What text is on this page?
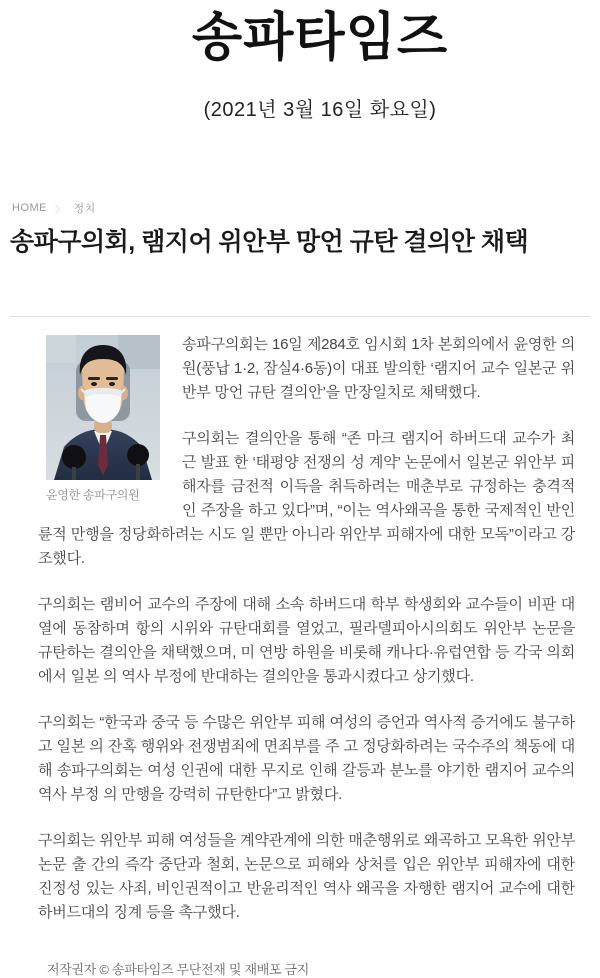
송파타임즈
(2021년 3월 16일 화요일)
HOME 〉 정치
송파구의회, 램지어 위안부 망언 규탄 결의안 채택
윤영한 송파구의원

송파구의회는 16일 제284호 임시회 1차 본회의에서 윤영한 의원(풍납 1·2, 잠실4·6동)이 대표 발의한 ‘램지어 교수 일본군 위반부 망언 규탄 결의안’을 만장일치로 채택했다.

구의회는 결의안을 통해 “존 마크 램지어 하버드대 교수가 최근 발표 한 ‘태평양 전쟁의 성 계약’ 논문에서 일본군 위안부 피해자를 금전적 이득을 취득하려는 매춘부로 규정하는 충격적인 주장을 하고 있다”며, “이는 역사왜곡을 통한 국제적인 반인륜적 만행을 정당화하려는 시도 일 뿐만 아니라 위안부 피해자에 대한 모독”이라고 강조했다.

구의회는 램비어 교수의 주장에 대해 소속 하버드대 학부 학생회와 교수들이 비판 대열에 동참하며 항의 시위와 규탄대회를 열었고, 필라델피아시의회도 위안부 논문을 규탄하는 결의안을 채택했으며, 미 연방 하원을 비롯해 캐나다·유럽연합 등 각국 의회에서 일본 의 역사 부정에 반대하는 결의안을 통과시켰다고 상기했다.

구의회는 “한국과 중국 등 수많은 위안부 피해 여성의 증언과 역사적 증거에도 불구하고 일본 의 잔혹 행위와 전쟁범죄에 면죄부를 주 고 정당화하려는 국수주의 책동에 대해 송파구의회는 여성 인권에 대한 무지로 인해 갈등과 분노를 야기한 램지어 교수의 역사 부정 의 만행을 강력히 규탄한다”고 밝혔다.

구의회는 위안부 피해 여성들을 계약관계에 의한 매춘행위로 왜곡하고 모욕한 위안부 논문 출 간의 즉각 중단과 철회, 논문으로 피해와 상처를 입은 위안부 피해자에 대한 진정성 있는 사죄, 비인권적이고 반윤리적인 역사 왜곡을 자행한 램지어 교수에 대한 하버드대의 징계 등을 촉구했다.

저작권자 © 송파타임즈 무단전재 및 재배포 금지
